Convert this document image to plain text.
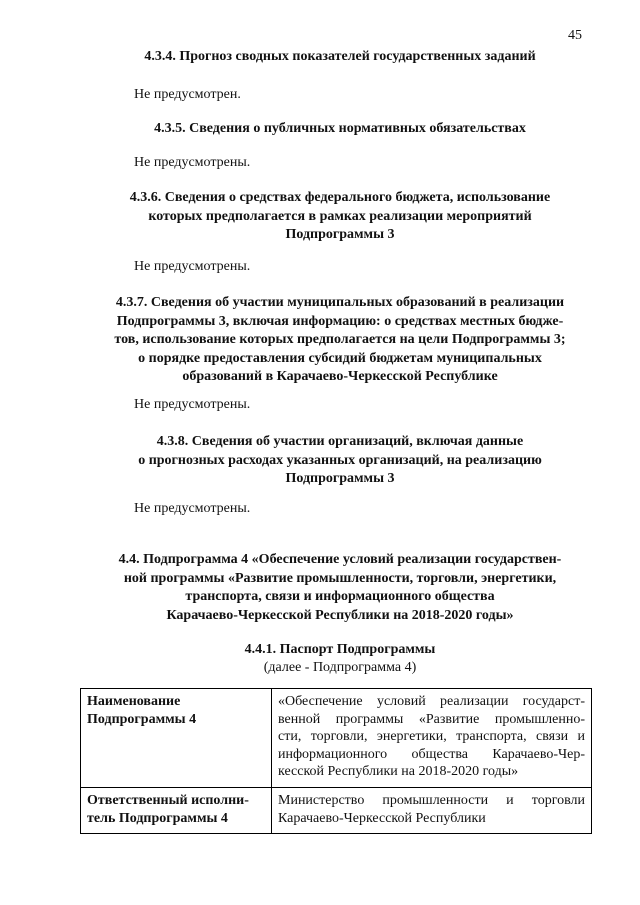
45
4.3.4. Прогноз сводных показателей государственных заданий
Не предусмотрен.
4.3.5. Сведения о публичных нормативных обязательствах
Не предусмотрены.
4.3.6. Сведения о средствах федерального бюджета, использование
которых предполагается в рамках реализации мероприятий
Подпрограммы 3
Не предусмотрены.
4.3.7. Сведения об участии муниципальных образований в реализации
Подпрограммы 3, включая информацию: о средствах местных бюдже-
тов, использование которых предполагается на цели Подпрограммы 3;
о порядке предоставления субсидий бюджетам муниципальных
образований в Карачаево-Черкесской Республике
Не предусмотрены.
4.3.8. Сведения об участии организаций, включая данные
о прогнозных расходах указанных организаций, на реализацию
Подпрограммы 3
Не предусмотрены.
4.4. Подпрограмма 4 «Обеспечение условий реализации государствен-
ной программы «Развитие промышленности, торговли, энергетики,
транспорта, связи и информационного общества
Карачаево-Черкесской Республики на 2018-2020 годы»
4.4.1. Паспорт Подпрограммы
(далее - Подпрограмма 4)
Наименование
Подпрограммы 4	«Обеспечение условий реализации государст-
венной программы «Развитие промышленно-
сти, торговли, энергетики, транспорта, связи и
информационного общества Карачаево-Чер-
кесской Республики на 2018-2020 годы»

Ответственный исполни-
тель Подпрограммы 4	Министерство промышленности и торговли
Карачаево-Черкесской Республики
